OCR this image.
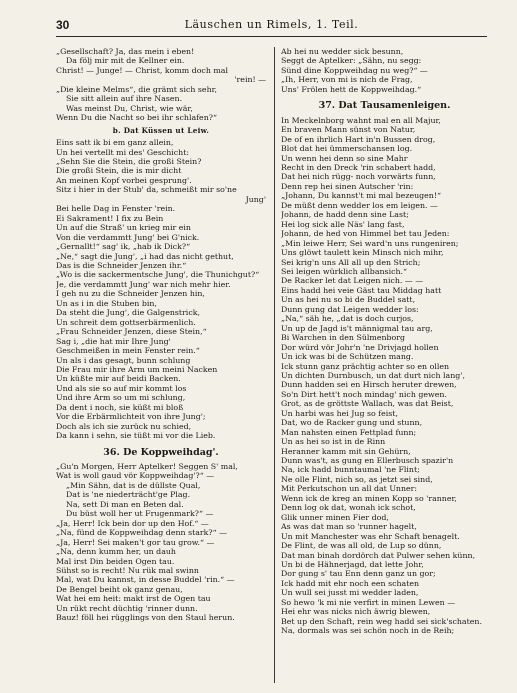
30	Läuschen un Rimels, 1. Teil.
„Gesellschaft? Ja, das mein i eben!
Da följ mir mit de Kellner ein.
Christ! — Junge! — Christ, komm doch mal
'rein! —
„Die kleine Melms“, die grämt sich sehr,
Sie sitt allein auf ihre Nasen.
Was meinst Du, Christ, wie wär,
Wenn Du die Nacht so bei ihr schlafen?“
b. Dat Küssen ut Leiw.
Eins satt ik bi em ganz allein,
Un hei vertellt mi des' Geschicht:
„Sehn Sie die Stein, die großi Stein?
Die großi Stein, die is mir dicht
An meinen Kopf vorbei gesprung'.
Sitz i hier in der Stub' da, schmeißt mir so'ne
Jung'
Bei helle Dag in Fenster 'rein.
Ei Sakrament! I fix zu Bein
Un auf die Straß' un krieg mir ein
Von die verdammtt Jung' bei G'nick.
„Gernallt!“ sag' ik, „hab ik Dick?“
„Ne,“ sagt die Jung', „i had das nicht gethut,
Das is die Schneider Jenzen ihr.“
„Wo is die sackermentsche Jung', die Thunichgut?“
Je, die verdammtt Jung' war nich mehr hier.
I geh nu zu die Schneider Jenzen hin,
Un as i in die Stuben bin,
Da steht die Jung', die Galgenstrick,
Un schreit dem gottserbärmenlich.
„Frau Schneider Jenzen, diese Stein,“
Sag i, „die hat mir Ihre Jung'
Geschmeißen in mein Fenster rein.“
Un als i das gesagt, bunn schlung
Die Frau mir ihre Arm um meini Nacken
Un küßte mir auf beidi Backen.
Und als sie so auf mir kommt los
Und ihre Arm so um mi schlung,
Da dent i noch, sie küßt mi bloß
Vor die Erbärmlichteit von ihre Jung';
Doch als ich sie zurück nu schied,
Da kann i sehn, sie tüßt mi vor die Lieb.
36. De Koppweihdag'.
„Gu'n Morgen, Herr Aptelker! Seggen S' mal,
Wat is woll gaud vör Koppweihdag'?“ —
„Min Sähn, dat is de düllste Qual,
Dat is 'ne niederträcht'ge Plag.
Na, sett Di man en Beten dal.
Du büst woll her ut Frugenmark?“ —
„Ja, Herr! Ick bein dor up den Hof.“ —
„Na, fünd de Koppweihdag denn stark?“ —
„Ja, Herr! Sei maken't gor tau grow.“ —
„Na, denn kumm her, un dauh
Mal irst Din beiden Ogen tau.
Sühst so is recht! Nu rük mal swinn
Mal, wat Du kannst, in desse Buddel 'rin.“ —
De Bengel beiht ok ganz genau,
Wat hei em heit: makt irst de Ogen tau
Un rükt recht düchtig 'rinner dunn.
Bauz! föll hei rügglings von den Staul herun.
Ab hei nu wedder sick besunn,
Seggt de Aptelker: „Sähn, nu segg:
Sünd dine Koppweihdag nu weg?“ —
„Ih, Herr, von mi is nich de Frag,
Uns' Frölen hett de Koppweihdag.“
37. Dat Tausamenleigen.
In Meckelnborg wahnt mal en all Majur,
En braven Mann sünst von Natur,
De of en ihrlich Hart in'n Bussen drog,
Blot dat hei ümmerschansen log.
Un wenn hei denn so sine Mahr
Recht in den Dreck 'rin schabert hadd,
Dat hei nich rügg- noch vorwärts funn,
Denn rep hei sinen Autscher 'rin:
„Johann, Du kannst't mi mal bezeugen!“
De müßt denn wedder los em leigen. —
Johann, de hadd denn sine Last;
Hei log sick alle Näs' lang fast,
Johann, de hed von Himmel bet tau Jeden:
„Min leiwe Herr, Sei ward'n uns rungeniren;
Uns glöwt taulett kein Minsch nich mihr,
Sei krig'n uns All all up den Strich;
Sei leigen würklich allbansich.“
De Racker let dat Leigen nich. — —
Eins hadd hei veie Gäst tau Middag hatt
Un as hei nu so bi de Buddel satt,
Dunn gung dat Leigen wedder los:
„Na,“ säh he, „dat is doch curjos,
Un up de Jagd is't männigmal tau arg,
Bi Warchen in den Sülmenborg
Dor würd vör Johr'n 'ne Drivjagd hollen
Un ick was bi de Schützen mang.
Ick stunn ganz prächtig achter so en ollen
Un dichten Durnbusch, un dat durt nich lang',
Dunn hadden sei en Hirsch heruter drewen,
So'n Dirt hett't noch mindag' nich gewen.
Grot, as de gröttste Wallach, was dat Beist,
Un harbi was hei Jug so feist,
Dat, wo de Racker gung und stunn,
Man nahsten einen Fettplad funn;
Un as hei so ist in de Rinn
Heranner kamm mit sin Gehürn,
Dunn was't, as gung en Ellerbusch spazir'n
Na, ick hadd bunntaumal 'ne Flint;
Ne olle Flint, nich so, as jetzt sei sind,
Mit Perkutschon un all dat Unner:
Wenn ick de kreg an minen Kopp so 'ranner,
Denn log ok dat, wonah ick schot,
Glik unner minen Fier dod,
As was dat man so 'runner hagelt,
Un mit Manchester was ehr Schaft benagelt.
De Flint, de was all old, de Lup so dünn,
Dat man binah dordörch dat Pulwer sehen künn,
Un bi de Hähnerjagd, dat lette Johr,
Dor gung s' tau Enn denn ganz un gor;
Ick hadd mit ehr noch een schaten
Un wull sei jusst mi wedder laden,
So hewo 'k mi nie verfirt in minen Lewen —
Hei ehr was nicks nich äwrig blewen,
Bet up den Schaft, rein weg hadd sei sick'schaten.
Na, dormals was sei schön noch in de Reih;
